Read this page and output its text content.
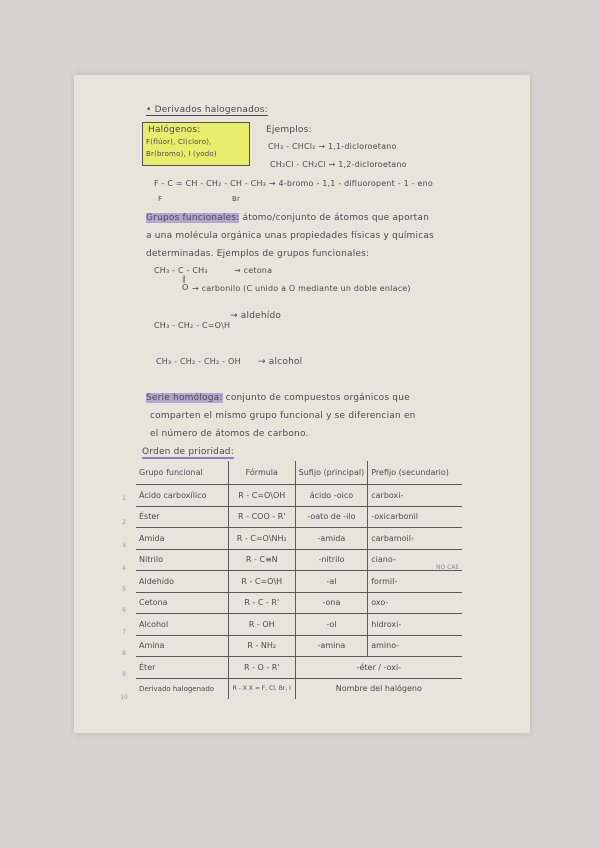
• Derivados halogenados:
Halógenos:
F(flúor), Cl(cloro),
Br(bromo), I (yodo)
Ejemplos:
CH₃ - CHCl₂ → 1,1-dicloroetano
CH₂Cl - CH₂Cl → 1,2-dicloroetano
F - C = CH - CH₂ - CH - CH₃ → 4-bromo - 1,1 - difluoropent - 1 - eno
F	Br
Grupos funcionales: átomo/conjunto de átomos que aportan
a una molécula orgánica unas propiedades físicas y químicas
determinadas. Ejemplos de grupos funcionales:
CH₃ - C - CH₃	→ cetona
‖
O → carbonilo (C unido a O mediante un doble enlace)
CH₃ - CH₂ - C=O\H
→ aldehído
CH₃ - CH₂ - CH₂ - OH → alcohol
Serie homóloga: conjunto de compuestos orgánicos que
comparten el mismo grupo funcional y se diferencian en
el número de átomos de carbono.
Orden de prioridad:
Grupo funcional	Fórmula	Sufijo (principal)	Prefijo (secundario)
Ácido carboxílico	R - C=O\OH	ácido -oico	carboxi-
Éster	R - COO - R'	-oato de -ilo	-oxicarbonil
Amida	R - C=O\NH₂	-amida	carbamoil-
Nitrilo	R - C≡N	-nitrilo	ciano-
Aldehído	R - C=O\H	-al	formil-
Cetona	R - C - R'	-ona	oxo-
Alcohol	R - OH	-ol	hidroxi-
Amina	R - NH₂	-amina	amino-
Éter	R - O - R'	-éter / -oxi-	
Derivado halogenado	R - X X = F, Cl, Br, I	Nombre del halógeno	
1
2
3
4
5
6
7
8
9
10
NO CAE
